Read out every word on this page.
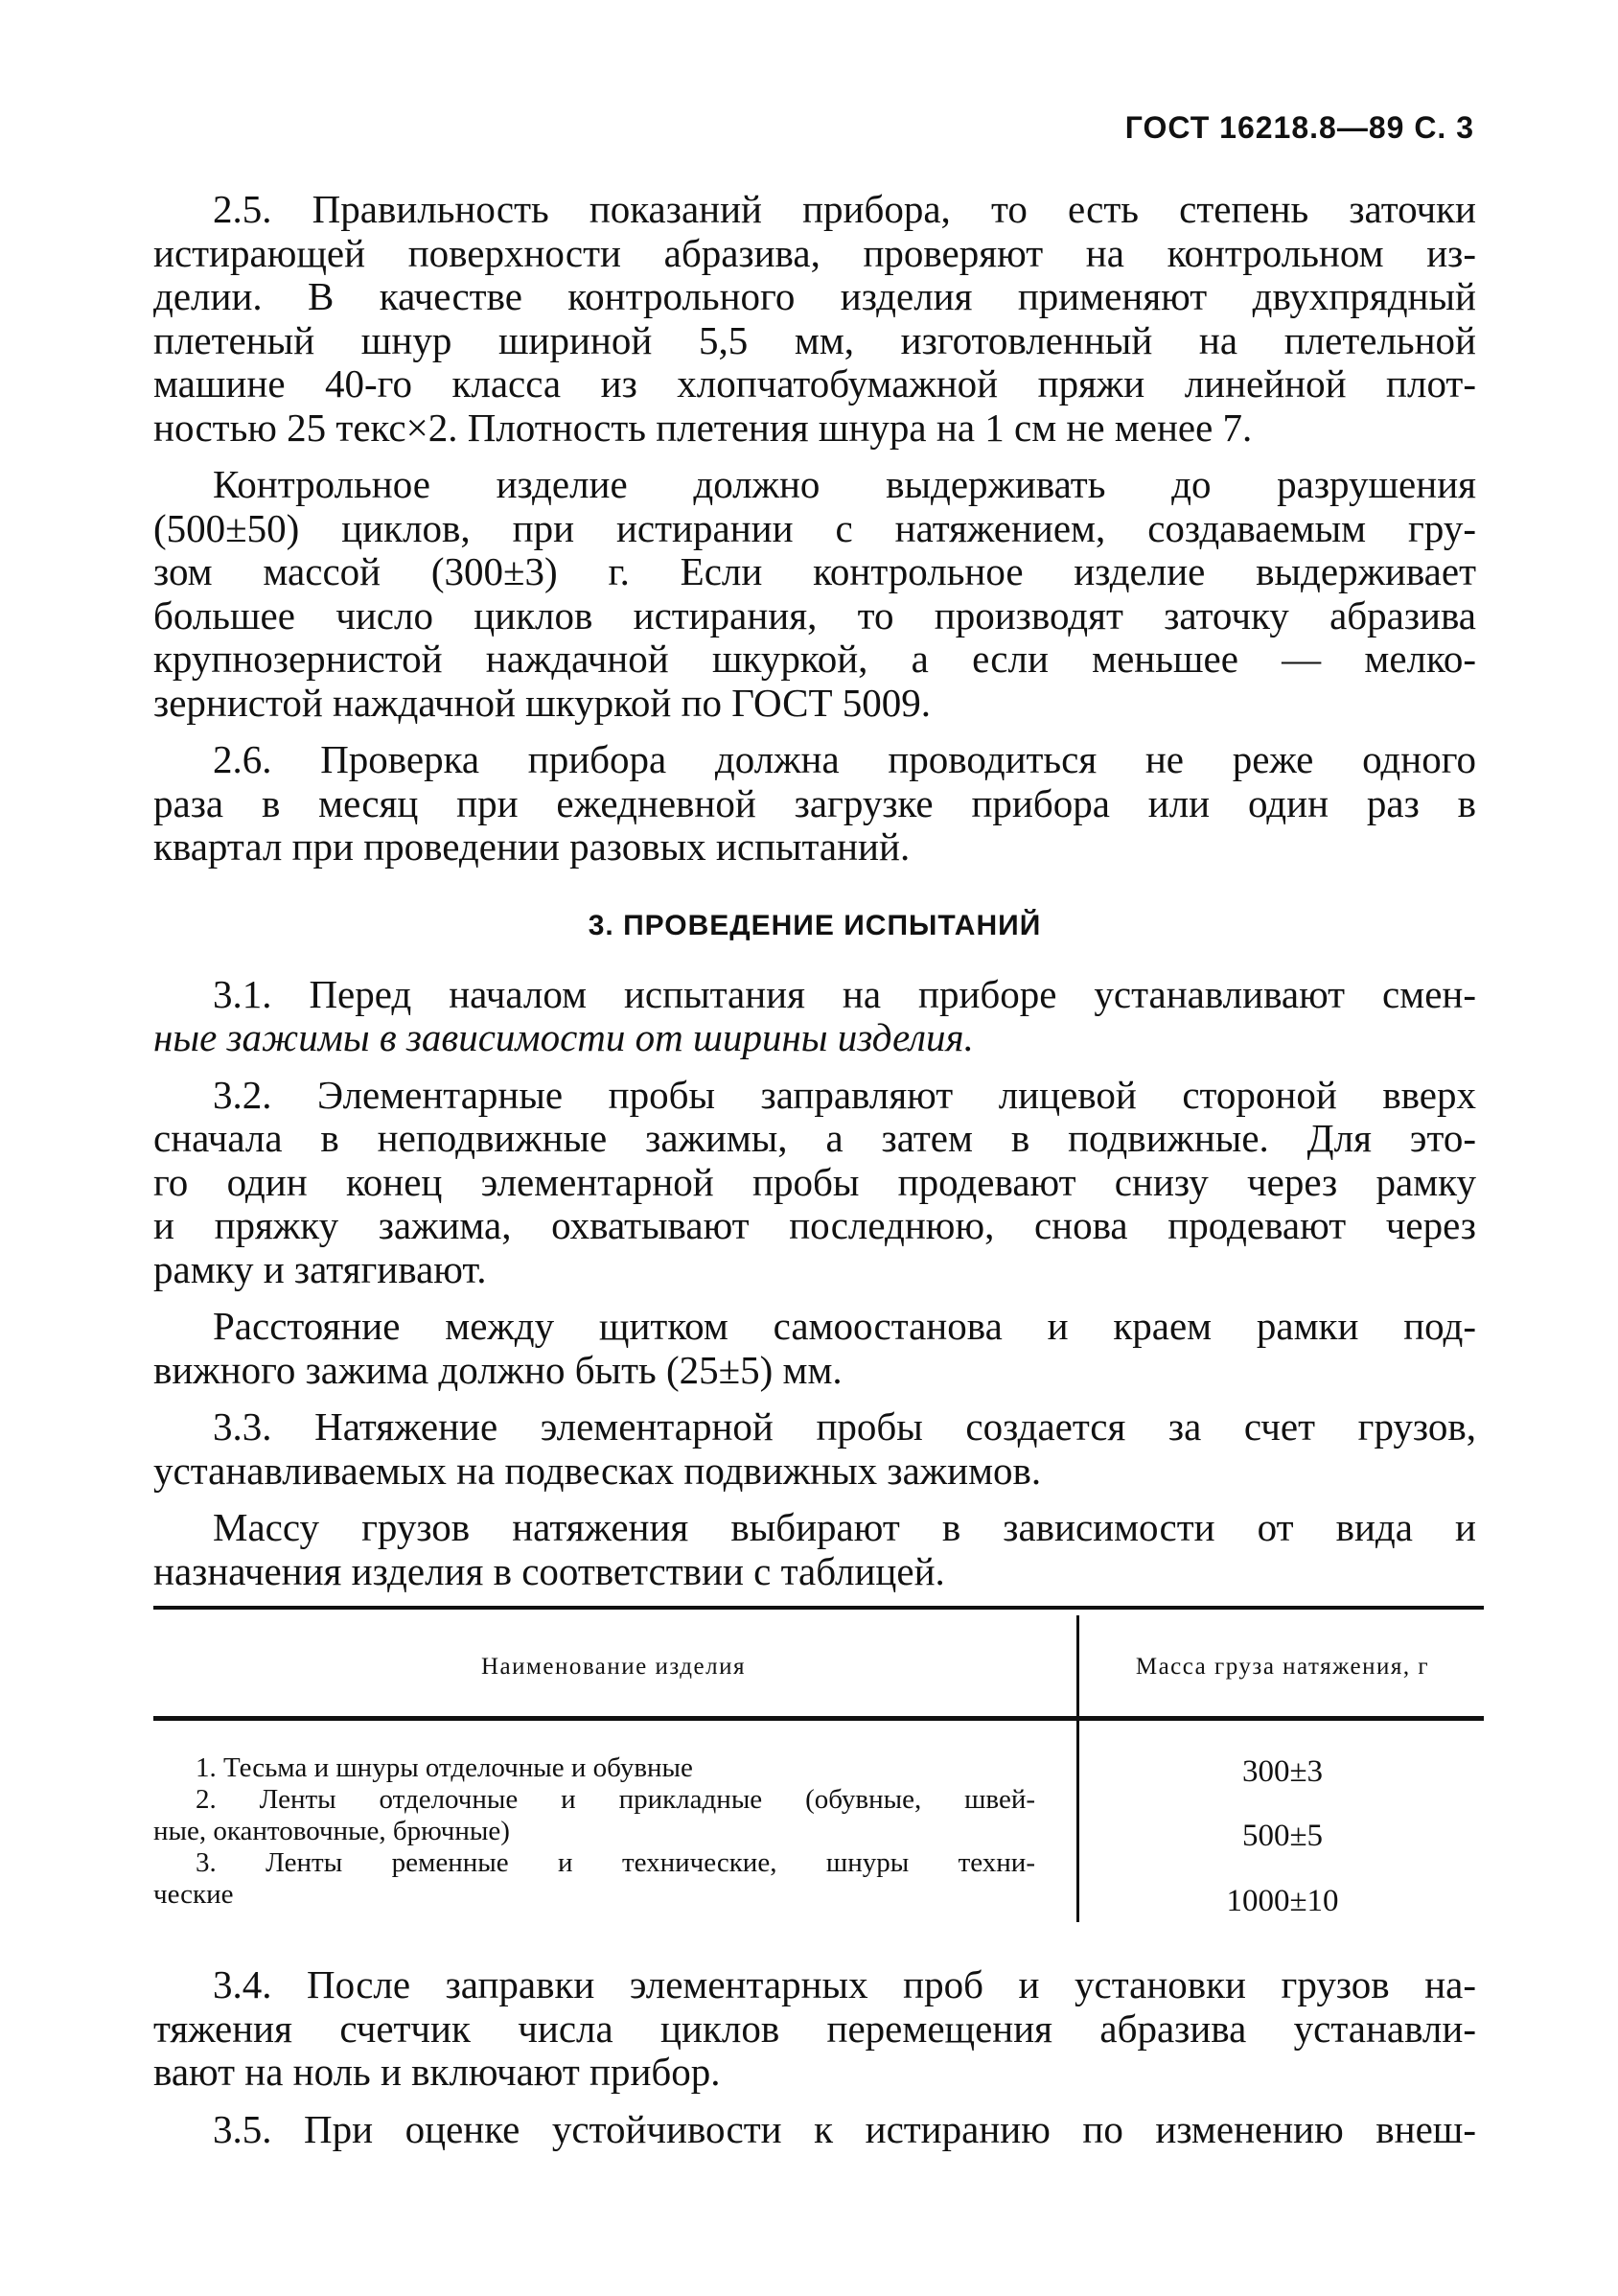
ГОСТ 16218.8—89 С. 3

2.5. Правильность показаний прибора, то есть степень заточки
истирающей поверхности абразива, проверяют на контрольном из-
делии. В качестве контрольного изделия применяют двухпрядный
плетеный шнур шириной 5,5 мм, изготовленный на плетельной
машине 40-го класса из хлопчатобумажной пряжи линейной плот-
ностью 25 текс×2. Плотность плетения шнура на 1 см не менее 7.

Контрольное изделие должно выдерживать до разрушения
(500±50) циклов, при истирании с натяжением, создаваемым гру-
зом массой (300±3) г. Если контрольное изделие выдерживает
большее число циклов истирания, то производят заточку абразива
крупнозернистой наждачной шкуркой, а если меньшее — мелко-
зернистой наждачной шкуркой по ГОСТ 5009.

2.6. Проверка прибора должна проводиться не реже одного
раза в месяц при ежедневной загрузке прибора или один раз в
квартал при проведении разовых испытаний.

3. ПРОВЕДЕНИЕ ИСПЫТАНИЙ

3.1. Перед началом испытания на приборе устанавливают смен-
ные зажимы в зависимости от ширины изделия.

3.2. Элементарные пробы заправляют лицевой стороной вверх
сначала в неподвижные зажимы, а затем в подвижные. Для это-
го один конец элементарной пробы продевают снизу через рамку
и пряжку зажима, охватывают последнюю, снова продевают через
рамку и затягивают.

Расстояние между щитком самоостанова и краем рамки под-
вижного зажима должно быть (25±5) мм.

3.3. Натяжение элементарной пробы создается за счет грузов,
устанавливаемых на подвесках подвижных зажимов.

Массу грузов натяжения выбирают в зависимости от вида и
назначения изделия в соответствии с таблицей.

Наименование изделия	Масса груза натяжения, г
1. Тесьма и шнуры отделочные и обувные	300±3
2. Ленты отделочные и прикладные (обувные, швей-
ные, окантовочные, брючные)	500±5
3. Ленты ременные и технические, шнуры техни-
ческие	1000±10

3.4. После заправки элементарных проб и установки грузов на-
тяжения счетчик числа циклов перемещения абразива устанавли-
вают на ноль и включают прибор.

3.5. При оценке устойчивости к истиранию по изменению внеш-
